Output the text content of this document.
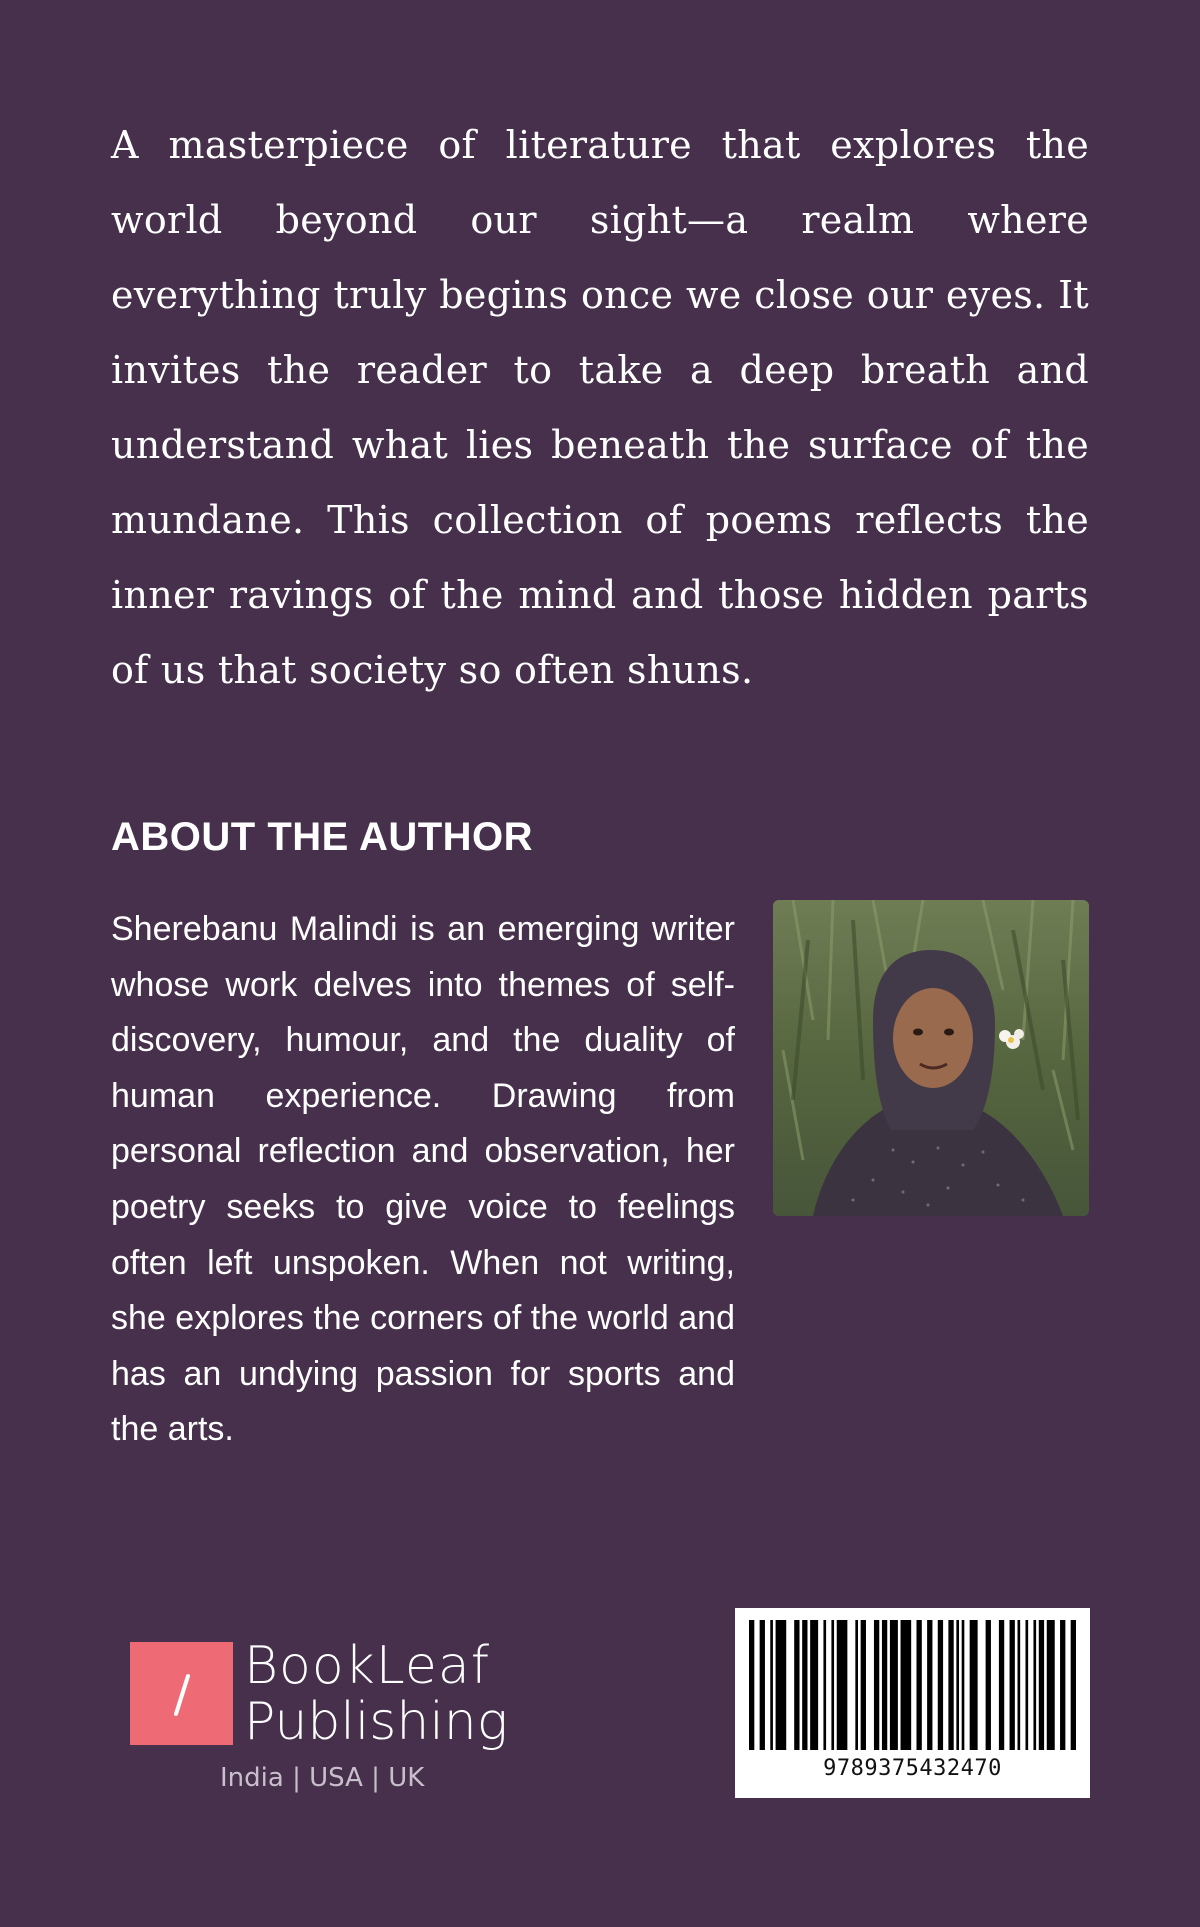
A masterpiece of literature that explores the world beyond our sight—a realm where everything truly begins once we close our eyes. It invites the reader to take a deep breath and understand what lies beneath the surface of the mundane. This collection of poems reflects the inner ravings of the mind and those hidden parts of us that society so often shuns.

ABOUT THE AUTHOR

Sherebanu Malindi is an emerging writer whose work delves into themes of self-discovery, humour, and the duality of human experience. Drawing from personal reflection and observation, her poetry seeks to give voice to feelings often left unspoken. When not writing, she explores the corners of the world and has an undying passion for sports and the arts.

BookLeaf
Publishing
India | USA | UK	9789375432470
